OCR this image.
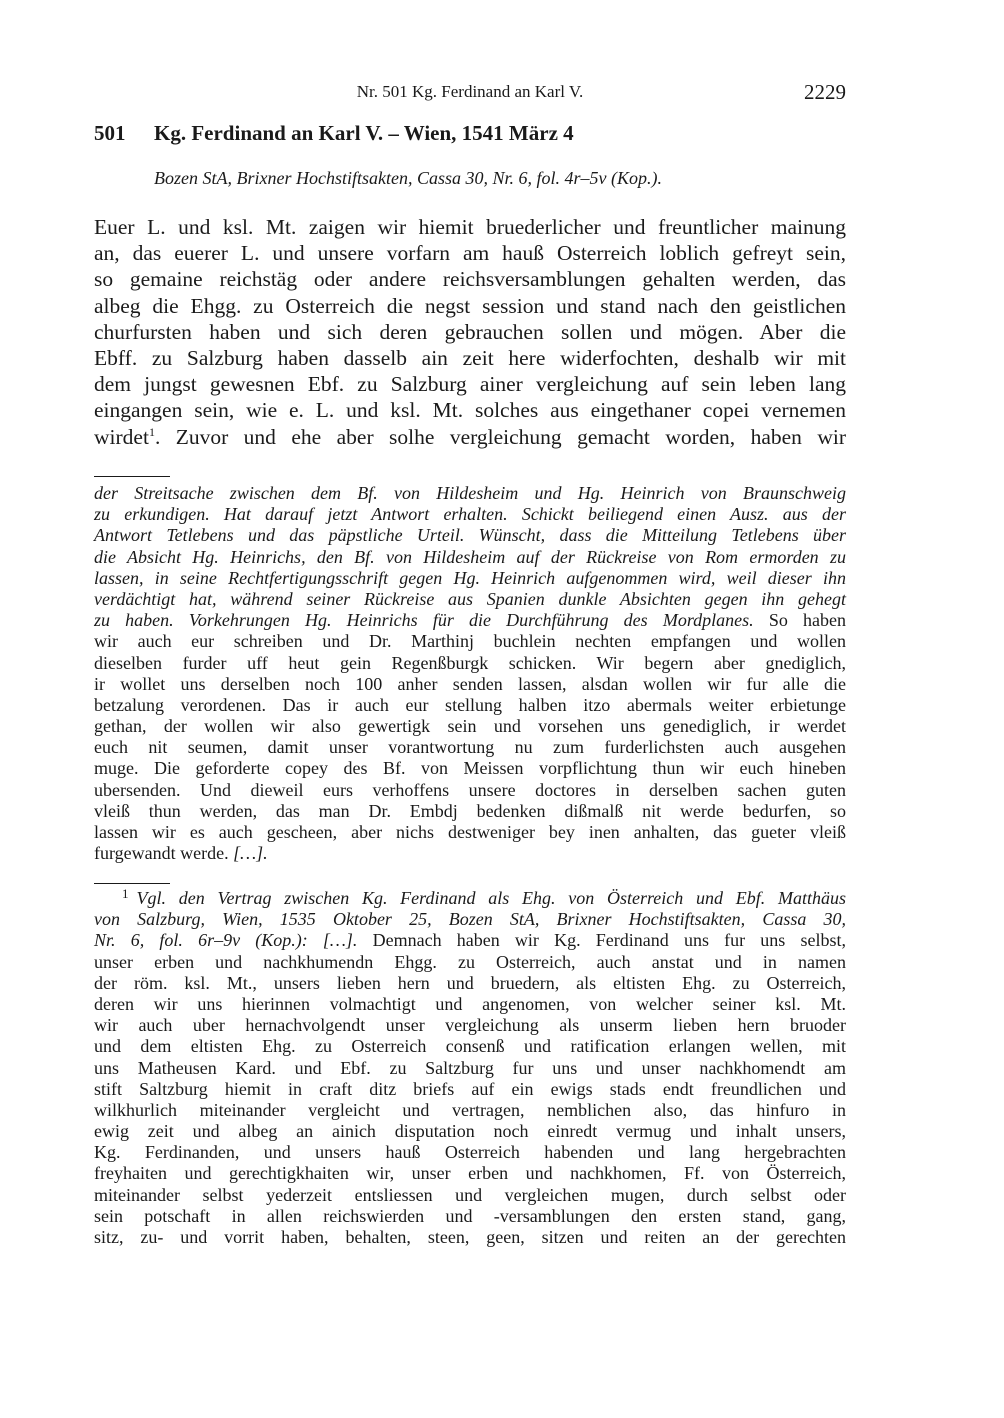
Nr. 501 Kg. Ferdinand an Karl V.	2229
501 Kg. Ferdinand an Karl V. – Wien, 1541 März 4
Bozen StA, Brixner Hochstiftsakten, Cassa 30, Nr. 6, fol. 4r–5v (Kop.).
Euer L. und ksl. Mt. zaigen wir hiemit bruederlicher und freuntlicher mainung
an, das euerer L. und unsere vorfarn am hauß Osterreich loblich gefreyt sein,
so gemaine reichstäg oder andere reichsversamblungen gehalten werden, das
albeg die Ehgg. zu Osterreich die negst session und stand nach den geistlichen
churfursten haben und sich deren gebrauchen sollen und mögen. Aber die
Ebff. zu Salzburg haben dasselb ain zeit here widerfochten, deshalb wir mit
dem jungst gewesnen Ebf. zu Salzburg ainer vergleichung auf sein leben lang
eingangen sein, wie e. L. und ksl. Mt. solches aus eingethaner copei vernemen
wirdet$^1$. Zuvor und ehe aber solhe vergleichung gemacht worden, haben wir
der Streitsache zwischen dem Bf. von Hildesheim und Hg. Heinrich von Braunschweig
zu erkundigen. Hat darauf jetzt Antwort erhalten. Schickt beiliegend einen Ausz. aus der
Antwort Tetlebens und das päpstliche Urteil. Wünscht, dass die Mitteilung Tetlebens über
die Absicht Hg. Heinrichs, den Bf. von Hildesheim auf der Rückreise von Rom ermorden zu
lassen, in seine Rechtfertigungsschrift gegen Hg. Heinrich aufgenommen wird, weil dieser ihn
verdächtigt hat, während seiner Rückreise aus Spanien dunkle Absichten gegen ihn gehegt
zu haben. Vorkehrungen Hg. Heinrichs für die Durchführung des Mordplanes. So haben
wir auch eur schreiben und Dr. Marthinj buchlein nechten empfangen und wollen
dieselben furder uff heut gein Regenßburgk schicken. Wir begern aber gnediglich,
ir wollet uns derselben noch 100 anher senden lassen, alsdan wollen wir fur alle die
betzalung verordenen. Das ir auch eur stellung halben itzo abermals weiter erbietunge
gethan, der wollen wir also gewertigk sein und vorsehen uns genediglich, ir werdet
euch nit seumen, damit unser vorantwortung nu zum furderlichsten auch ausgehen
muge. Die geforderte copey des Bf. von Meissen vorpflichtung thun wir euch hineben
ubersenden. Und dieweil eurs verhoffens unsere doctores in derselben sachen guten
vleiß thun werden, das man Dr. Embdj bedenken dißmalß nit werde bedurfen, so
lassen wir es auch gescheen, aber nichs destweniger bey inen anhalten, das gueter vleiß
furgewandt werde. […].
$^1$ Vgl. den Vertrag zwischen Kg. Ferdinand als Ehg. von Österreich und Ebf. Matthäus
von Salzburg, Wien, 1535 Oktober 25, Bozen StA, Brixner Hochstiftsakten, Cassa 30,
Nr. 6, fol. 6r–9v (Kop.): […]. Demnach haben wir Kg. Ferdinand uns fur uns selbst,
unser erben und nachkhumendn Ehgg. zu Osterreich, auch anstat und in namen
der röm. ksl. Mt., unsers lieben hern und bruedern, als eltisten Ehg. zu Osterreich,
deren wir uns hierinnen volmachtigt und angenomen, von welcher seiner ksl. Mt.
wir auch uber hernachvolgendt unser vergleichung als unserm lieben hern bruoder
und dem eltisten Ehg. zu Osterreich consenß und ratification erlangen wellen, mit
uns Matheusen Kard. und Ebf. zu Saltzburg fur uns und unser nachkhomendt am
stift Saltzburg hiemit in craft ditz briefs auf ein ewigs stads endt freundlichen und
wilkhurlich miteinander vergleicht und vertragen, nemblichen also, das hinfuro in
ewig zeit und albeg an ainich disputation noch einredt vermug und inhalt unsers,
Kg. Ferdinanden, und unsers hauß Osterreich habenden und lang hergebrachten
freyhaiten und gerechtigkhaiten wir, unser erben und nachkhomen, Ff. von Österreich,
miteinander selbst yederzeit entsliessen und vergleichen mugen, durch selbst oder
sein potschaft in allen reichswierden und -versamblungen den ersten stand, gang,
sitz, zu- und vorrit haben, behalten, steen, geen, sitzen und reiten an der gerechten
